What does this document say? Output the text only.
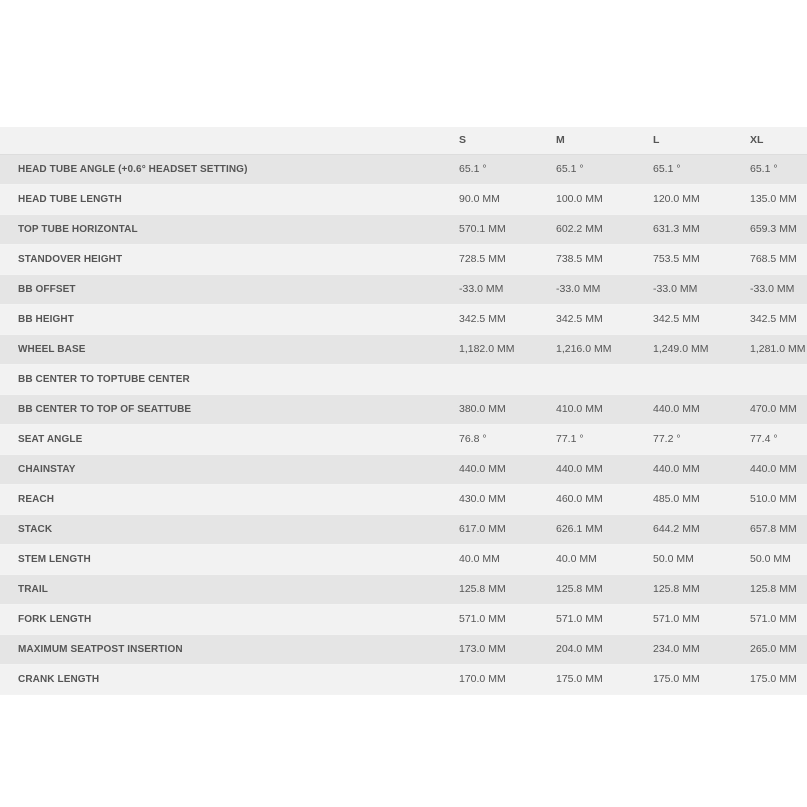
	S	M	L	XL
HEAD TUBE ANGLE (+0.6° HEADSET SETTING)	65.1 °	65.1 °	65.1 °	65.1 °
HEAD TUBE LENGTH	90.0 MM	100.0 MM	120.0 MM	135.0 MM
TOP TUBE HORIZONTAL	570.1 MM	602.2 MM	631.3 MM	659.3 MM
STANDOVER HEIGHT	728.5 MM	738.5 MM	753.5 MM	768.5 MM
BB OFFSET	-33.0 MM	-33.0 MM	-33.0 MM	-33.0 MM
BB HEIGHT	342.5 MM	342.5 MM	342.5 MM	342.5 MM
WHEEL BASE	1,182.0 MM	1,216.0 MM	1,249.0 MM	1,281.0 MM
BB CENTER TO TOPTUBE CENTER				
BB CENTER TO TOP OF SEATTUBE	380.0 MM	410.0 MM	440.0 MM	470.0 MM
SEAT ANGLE	76.8 °	77.1 °	77.2 °	77.4 °
CHAINSTAY	440.0 MM	440.0 MM	440.0 MM	440.0 MM
REACH	430.0 MM	460.0 MM	485.0 MM	510.0 MM
STACK	617.0 MM	626.1 MM	644.2 MM	657.8 MM
STEM LENGTH	40.0 MM	40.0 MM	50.0 MM	50.0 MM
TRAIL	125.8 MM	125.8 MM	125.8 MM	125.8 MM
FORK LENGTH	571.0 MM	571.0 MM	571.0 MM	571.0 MM
MAXIMUM SEATPOST INSERTION	173.0 MM	204.0 MM	234.0 MM	265.0 MM
CRANK LENGTH	170.0 MM	175.0 MM	175.0 MM	175.0 MM
